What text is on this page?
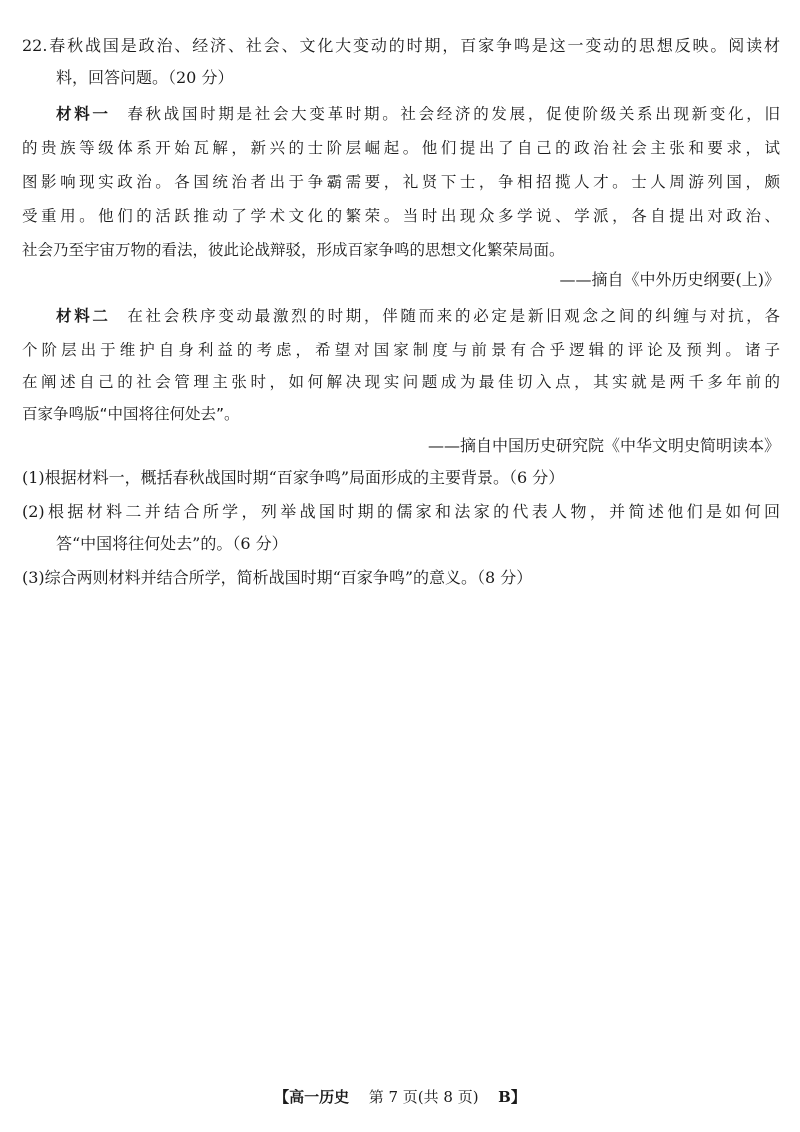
22.春秋战国是政治、经济、社会、文化大变动的时期，百家争鸣是这一变动的思想反映。阅读材
料，回答问题。（20 分）
材料一 春秋战国时期是社会大变革时期。社会经济的发展，促使阶级关系出现新变化，旧
的贵族等级体系开始瓦解，新兴的士阶层崛起。他们提出了自己的政治社会主张和要求，试
图影响现实政治。各国统治者出于争霸需要，礼贤下士，争相招揽人才。士人周游列国，颇
受重用。他们的活跃推动了学术文化的繁荣。当时出现众多学说、学派，各自提出对政治、
社会乃至宇宙万物的看法，彼此论战辩驳，形成百家争鸣的思想文化繁荣局面。
——摘自《中外历史纲要(上)》
材料二 在社会秩序变动最激烈的时期，伴随而来的必定是新旧观念之间的纠缠与对抗，各
个阶层出于维护自身利益的考虑，希望对国家制度与前景有合乎逻辑的评论及预判。诸子
在阐述自己的社会管理主张时，如何解决现实问题成为最佳切入点，其实就是两千多年前的
百家争鸣版“中国将往何处去”。
——摘自中国历史研究院《中华文明史简明读本》
(1)根据材料一，概括春秋战国时期“百家争鸣”局面形成的主要背景。（6 分）
(2)根据材料二并结合所学，列举战国时期的儒家和法家的代表人物，并简述他们是如何回
答“中国将往何处去”的。（6 分）
(3)综合两则材料并结合所学，简析战国时期“百家争鸣”的意义。（8 分）
【高一历史 第 7 页(共 8 页) B】
